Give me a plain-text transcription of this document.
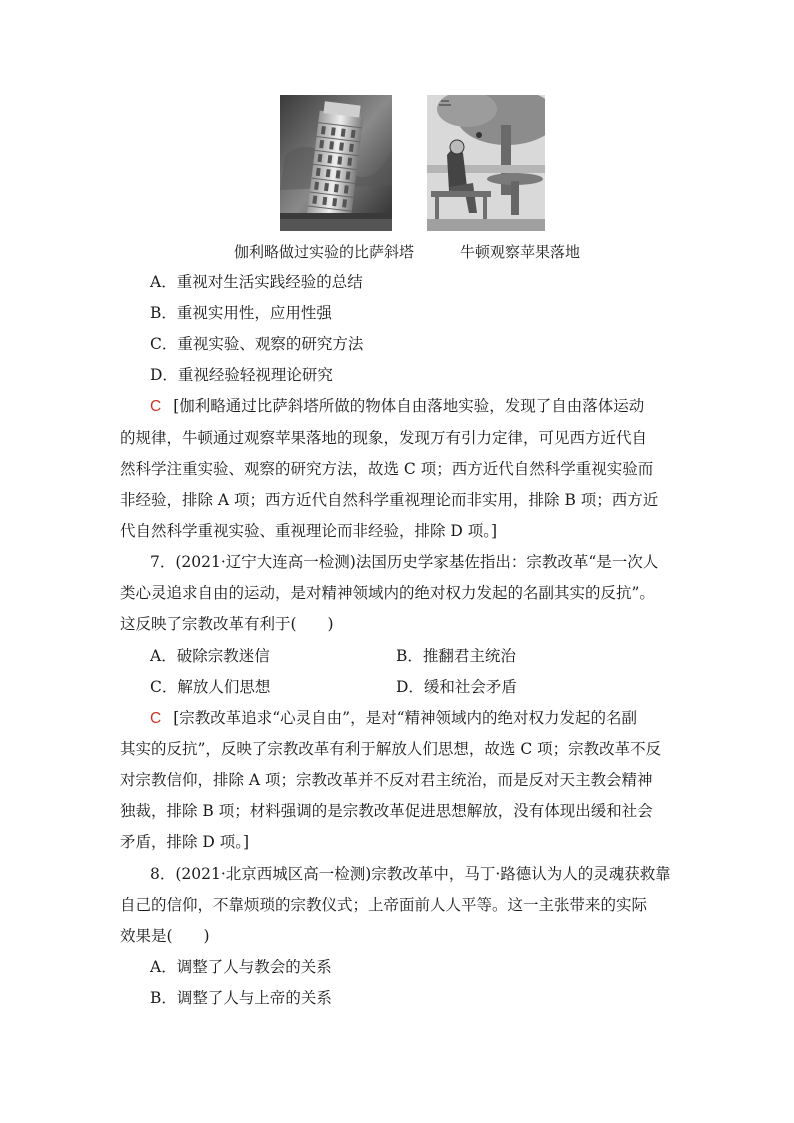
伽利略做过实验的比萨斜塔	牛顿观察苹果落地
A．重视对生活实践经验的总结
B．重视实用性，应用性强
C．重视实验、观察的研究方法
D．重视经验轻视理论研究
C [伽利略通过比萨斜塔所做的物体自由落地实验，发现了自由落体运动
的规律，牛顿通过观察苹果落地的现象，发现万有引力定律，可见西方近代自
然科学注重实验、观察的研究方法，故选 C 项；西方近代自然科学重视实验而
非经验，排除 A 项；西方近代自然科学重视理论而非实用，排除 B 项；西方近
代自然科学重视实验、重视理论而非经验，排除 D 项。]
7．(2021·辽宁大连高一检测)法国历史学家基佐指出：宗教改革“是一次人
类心灵追求自由的运动，是对精神领域内的绝对权力发起的名副其实的反抗”。
这反映了宗教改革有利于(　　)
A．破除宗教迷信	B．推翻君主统治
C．解放人们思想	D．缓和社会矛盾
C [宗教改革追求“心灵自由”，是对“精神领域内的绝对权力发起的名副
其实的反抗”，反映了宗教改革有利于解放人们思想，故选 C 项；宗教改革不反
对宗教信仰，排除 A 项；宗教改革并不反对君主统治，而是反对天主教会精神
独裁，排除 B 项；材料强调的是宗教改革促进思想解放，没有体现出缓和社会
矛盾，排除 D 项。]
8．(2021·北京西城区高一检测)宗教改革中，马丁·路德认为人的灵魂获救靠
自己的信仰，不靠烦琐的宗教仪式；上帝面前人人平等。这一主张带来的实际
效果是(　　)
A．调整了人与教会的关系
B．调整了人与上帝的关系
